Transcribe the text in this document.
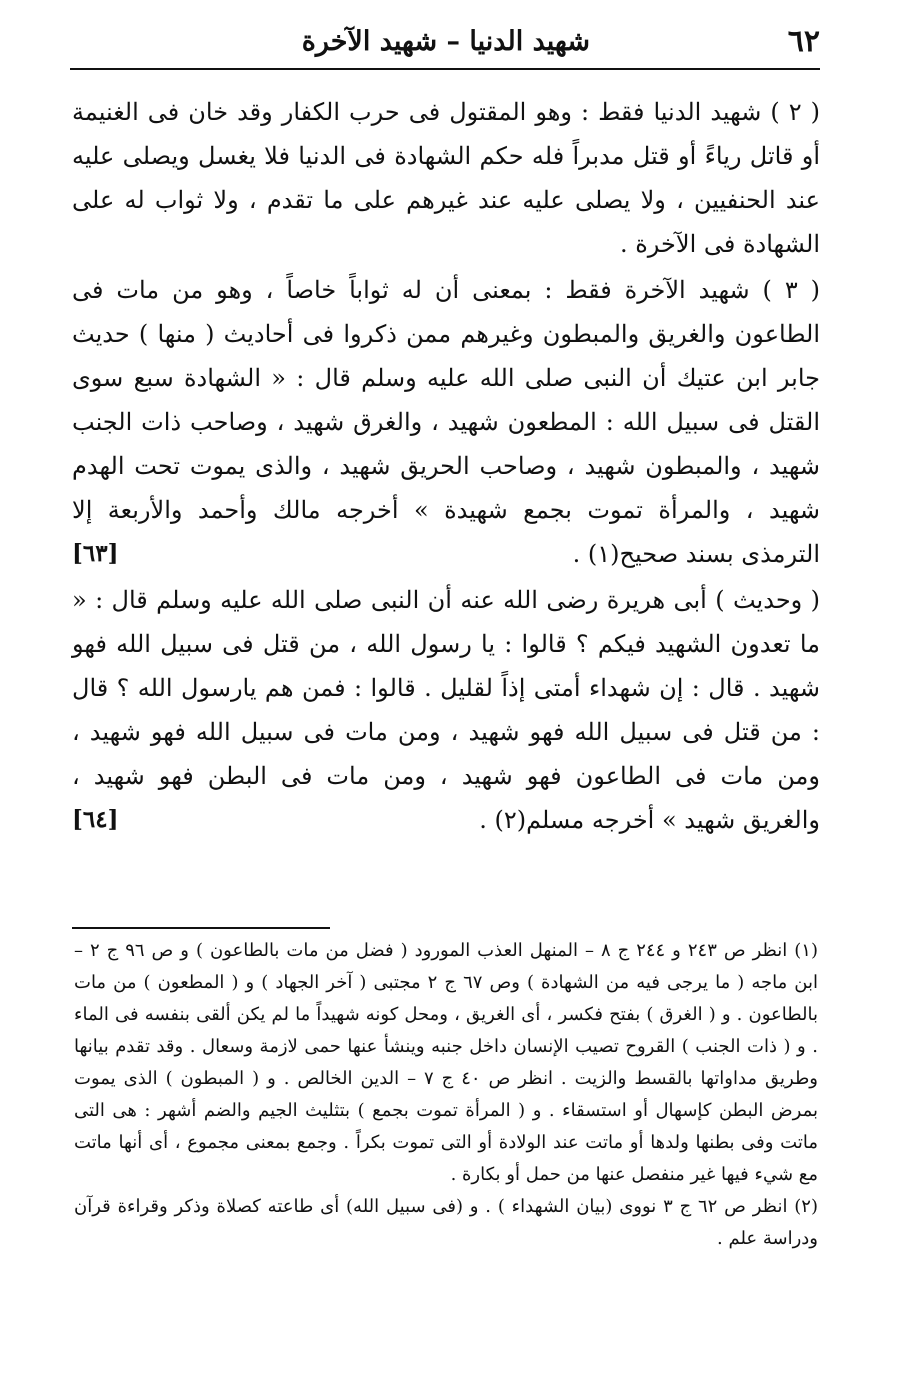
٦٢
شهيد الدنيا – شهيد الآخرة

( ٢ ) شهيد الدنيا فقط : وهو المقتول فى حرب الكفار وقد خان فى الغنيمة أو قاتل رياءً أو قتل مدبراً فله حكم الشهادة فى الدنيا فلا يغسل ويصلى عليه عند الحنفيين ، ولا يصلى عليه عند غيرهم على ما تقدم ، ولا ثواب له على الشهادة فى الآخرة .

( ٣ ) شهيد الآخرة فقط : بمعنى أن له ثواباً خاصاً ، وهو من مات فى الطاعون والغريق والمبطون وغيرهم ممن ذكروا فى أحاديث ( منها ) حديث جابر ابن عتيك أن النبى صلى الله عليه وسلم قال : « الشهادة سبع سوى القتل فى سبيل الله : المطعون شهيد ، والغرق شهيد ، وصاحب ذات الجنب شهيد ، والمبطون شهيد ، وصاحب الحريق شهيد ، والذى يموت تحت الهدم شهيد ، والمرأة تموت بجمع شهيدة » أخرجه مالك وأحمد والأربعة إلا الترمذى بسند صحيح(١) .
[٦٣]

( وحديث ) أبى هريرة رضى الله عنه أن النبى صلى الله عليه وسلم قال : « ما تعدون الشهيد فيكم ؟ قالوا : يا رسول الله ، من قتل فى سبيل الله فهو شهيد . قال : إن شهداء أمتى إذاً لقليل . قالوا : فمن هم يارسول الله ؟ قال : من قتل فى سبيل الله فهو شهيد ، ومن مات فى سبيل الله فهو شهيد ، ومن مات فى الطاعون فهو شهيد ، ومن مات فى البطن فهو شهيد ، والغريق شهيد » أخرجه مسلم(٢) .
[٦٤]

(١) انظر ص ٢٤٣ و ٢٤٤ ج ٨ – المنهل العذب المورود ( فضل من مات بالطاعون ) و ص ٩٦ ج ٢ – ابن ماجه ( ما يرجى فيه من الشهادة ) وص ٦٧ ج ٢ مجتبى ( آخر الجهاد ) و ( المطعون ) من مات بالطاعون . و ( الغرق ) بفتح فكسر ، أى الغريق ، ومحل كونه شهيداً ما لم يكن ألقى بنفسه فى الماء . و ( ذات الجنب ) القروح تصيب الإنسان داخل جنبه وينشأ عنها حمى لازمة وسعال . وقد تقدم بيانها وطريق مداواتها بالقسط والزيت . انظر ص ٤٠ ج ٧ – الدين الخالص . و ( المبطون ) الذى يموت بمرض البطن كإسهال أو استسقاء . و ( المرأة تموت بجمع ) بتثليث الجيم والضم أشهر : هى التى ماتت وفى بطنها ولدها أو ماتت عند الولادة أو التى تموت بكراً . وجمع بمعنى مجموع ، أى أنها ماتت مع شيء فيها غير منفصل عنها من حمل أو بكارة .

(٢) انظر ص ٦٢ ج ٣ نووى (بيان الشهداء ) . و (فى سبيل الله) أى طاعته كصلاة وذكر وقراءة قرآن ودراسة علم .
